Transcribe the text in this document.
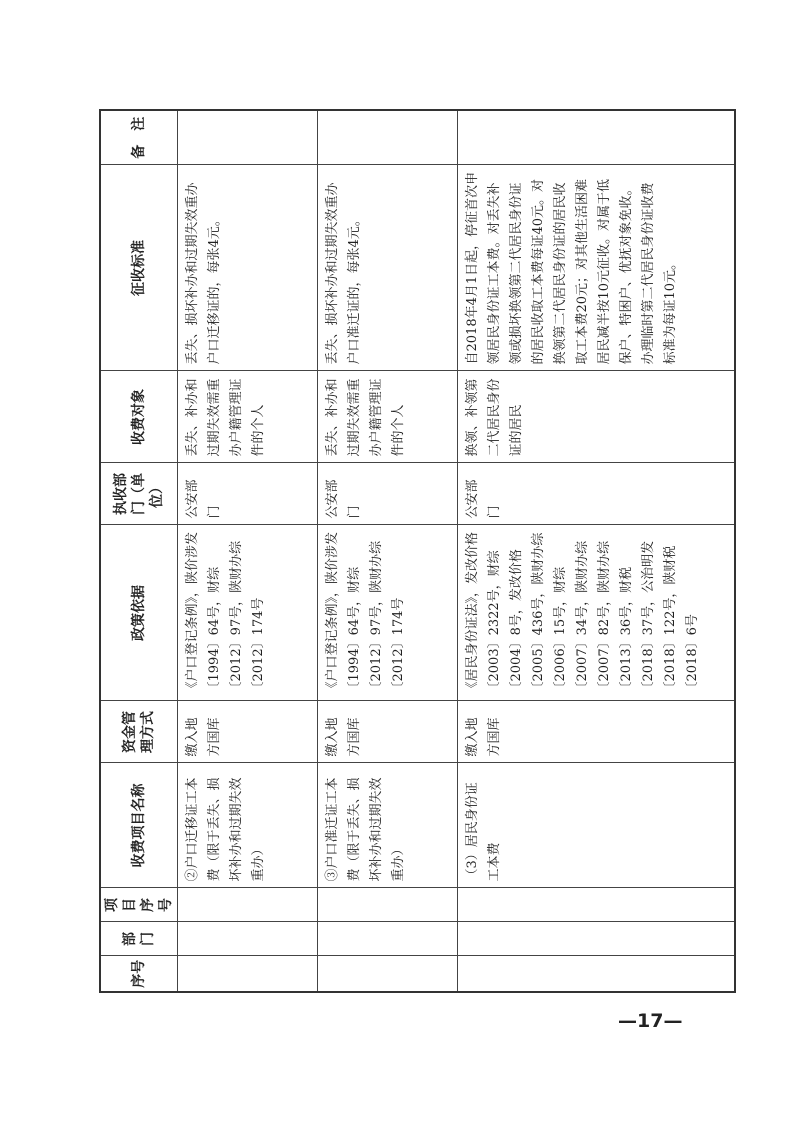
序号	部门	项目序号	收费项目名称	资金管理方式	政策依据	执收部门（单位）	收费对象	征收标准	备　注
			②户口迁移证工本费（限于丢失、损坏补办和过期失效重办）	缴入地方国库	《户口登记条例》，陕价涉发〔1994〕64号，财综〔2012〕97号，陕财办综〔2012〕174号	公安部门	丢失、补办和过期失效需重办户籍管理证件的个人	丢失、损坏补办和过期失效重办户口迁移证的，每张4元。	
			③户口准迁证工本费（限于丢失、损坏补办和过期失效重办）	缴入地方国库	《户口登记条例》，陕价涉发〔1994〕64号，财综〔2012〕97号，陕财办综〔2012〕174号	公安部门	丢失、补办和过期失效需重办户籍管理证件的个人	丢失、损坏补办和过期失效重办户口准迁证的，每张4元。	
			（3）居民身份证工本费	缴入地方国库	《居民身份证法》，发改价格〔2003〕2322号，财综〔2004〕8号，发改价格〔2005〕436号，陕财办综〔2006〕15号，财综〔2007〕34号，陕财办综〔2007〕82号，陕财办综〔2013〕36号，财税〔2018〕37号，公治明发〔2018〕122号，陕财税〔2018〕6号	公安部门	换领、补领第二代居民身份证的居民	自2018年4月1日起，停征首次申领居民身份证工本费。对丢失补领或损坏换领第二代居民身份证的居民收取工本费每证40元。对换领第二代居民身份证的居民收取工本费20元；对其他生活困难居民减半按10元征收。对属于低保户、特困户、优抚对象免收。办理临时第二代居民身份证收费标准为每证10元。	
—17—
